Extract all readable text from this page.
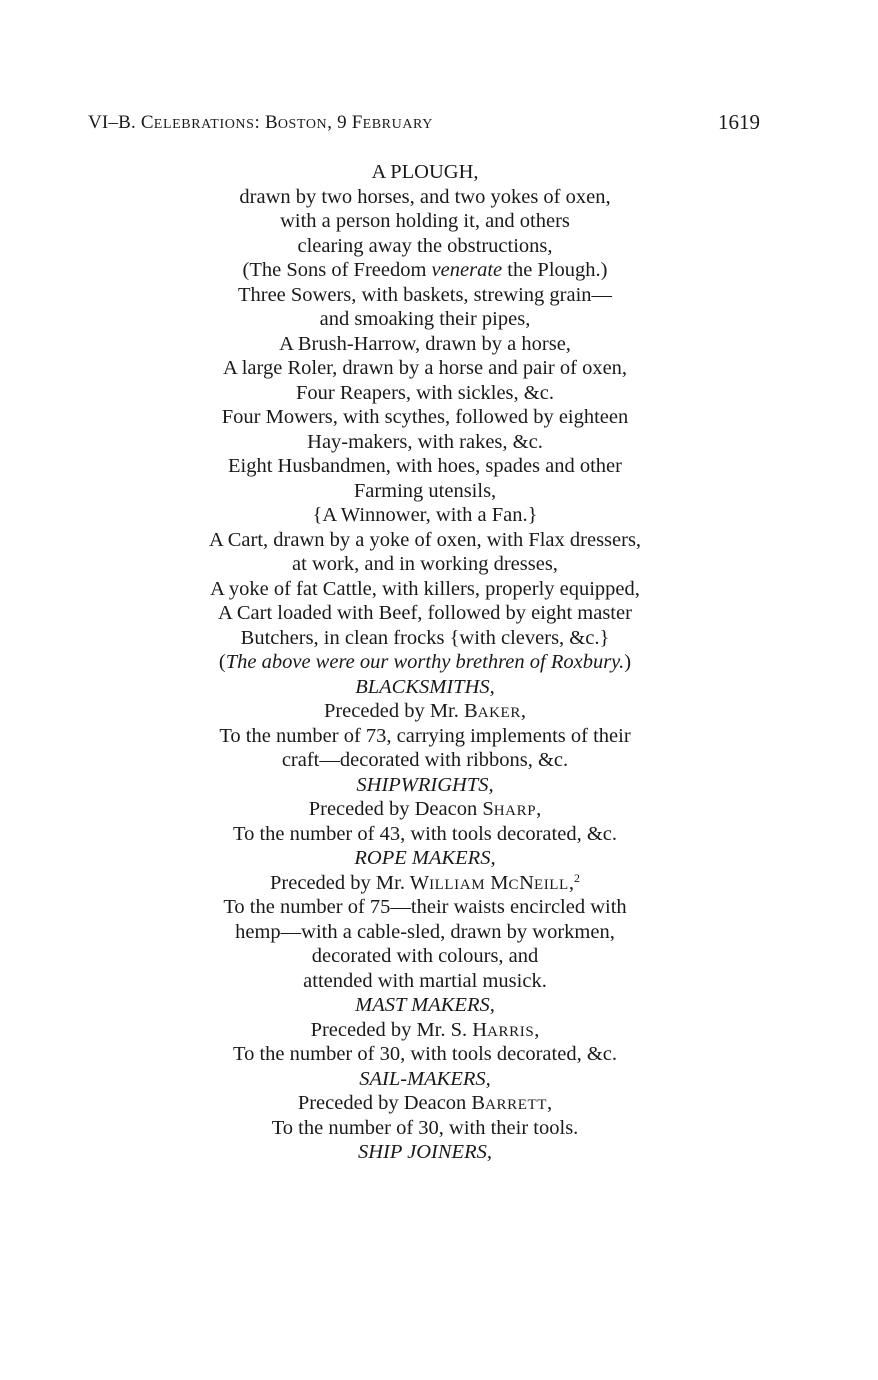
VI–B. CELEBRATIONS: BOSTON, 9 FEBRUARY	1619
A PLOUGH,
drawn by two horses, and two yokes of oxen,
with a person holding it, and others
clearing away the obstructions,
(The Sons of Freedom venerate the Plough.)
Three Sowers, with baskets, strewing grain—
and smoaking their pipes,
A Brush-Harrow, drawn by a horse,
A large Roler, drawn by a horse and pair of oxen,
Four Reapers, with sickles, &c.
Four Mowers, with scythes, followed by eighteen
Hay-makers, with rakes, &c.
Eight Husbandmen, with hoes, spades and other
Farming utensils,
{A Winnower, with a Fan.}
A Cart, drawn by a yoke of oxen, with Flax dressers,
at work, and in working dresses,
A yoke of fat Cattle, with killers, properly equipped,
A Cart loaded with Beef, followed by eight master
Butchers, in clean frocks {with clevers, &c.}
(The above were our worthy brethren of Roxbury.)
BLACKSMITHS,
Preceded by Mr. BAKER,
To the number of 73, carrying implements of their
craft—decorated with ribbons, &c.
SHIPWRIGHTS,
Preceded by Deacon SHARP,
To the number of 43, with tools decorated, &c.
ROPE MAKERS,
Preceded by Mr. WILLIAM MCNEILL,$^2$
To the number of 75—their waists encircled with
hemp—with a cable-sled, drawn by workmen,
decorated with colours, and
attended with martial musick.
MAST MAKERS,
Preceded by Mr. S. HARRIS,
To the number of 30, with tools decorated, &c.
SAIL-MAKERS,
Preceded by Deacon BARRETT,
To the number of 30, with their tools.
SHIP JOINERS,
